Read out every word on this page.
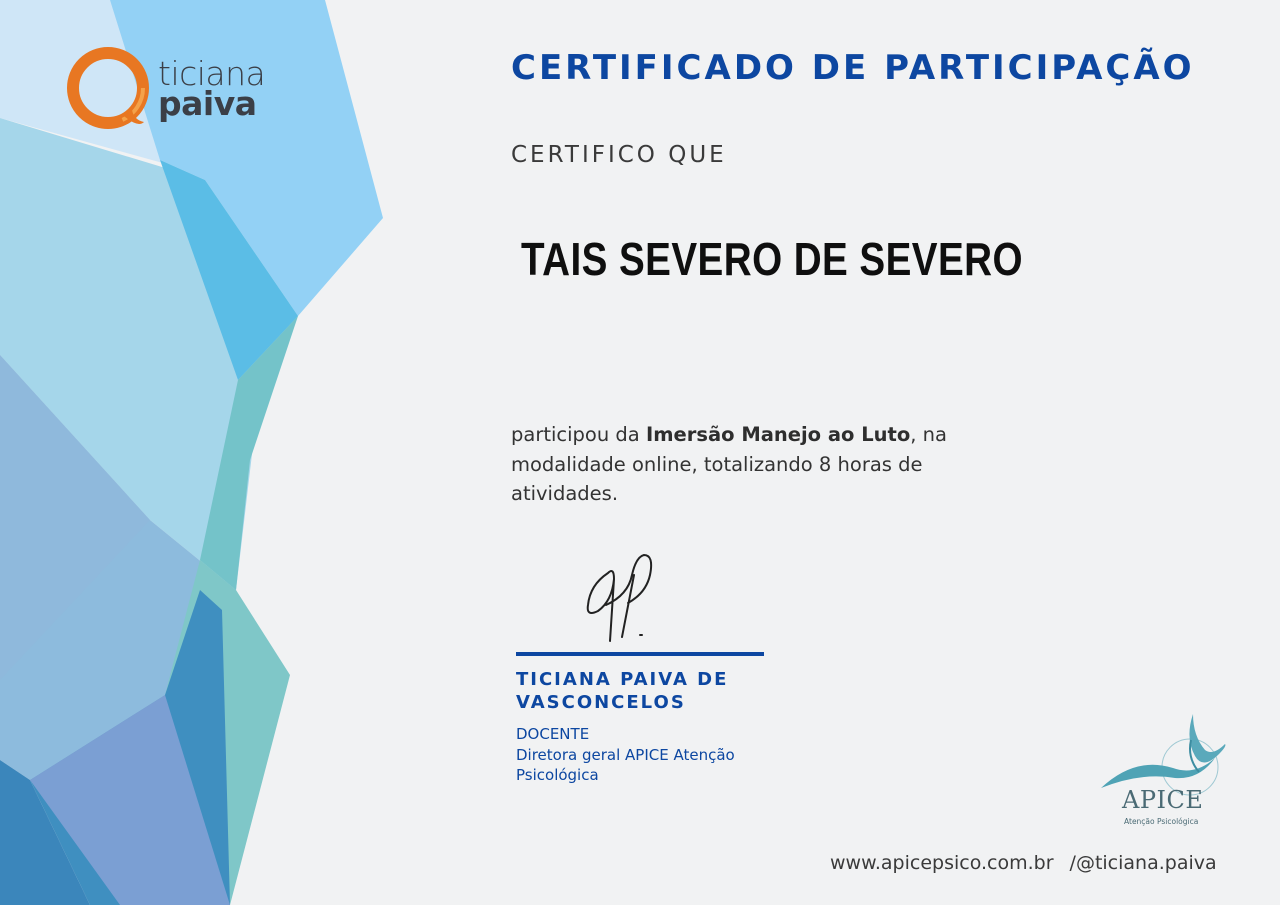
ticiana
paiva
CERTIFICADO DE PARTICIPAÇÃO
CERTIFICO QUE
TAIS SEVERO DE SEVERO
participou da Imersão Manejo ao Luto, na modalidade online, totalizando 8 horas de atividades.
TICIANA PAIVA DE VASCONCELOS
DOCENTE
Diretora geral APICE Atenção Psicológica
APICE
Atenção Psicológica
www.apicepsico.com.br /@ticiana.paiva
